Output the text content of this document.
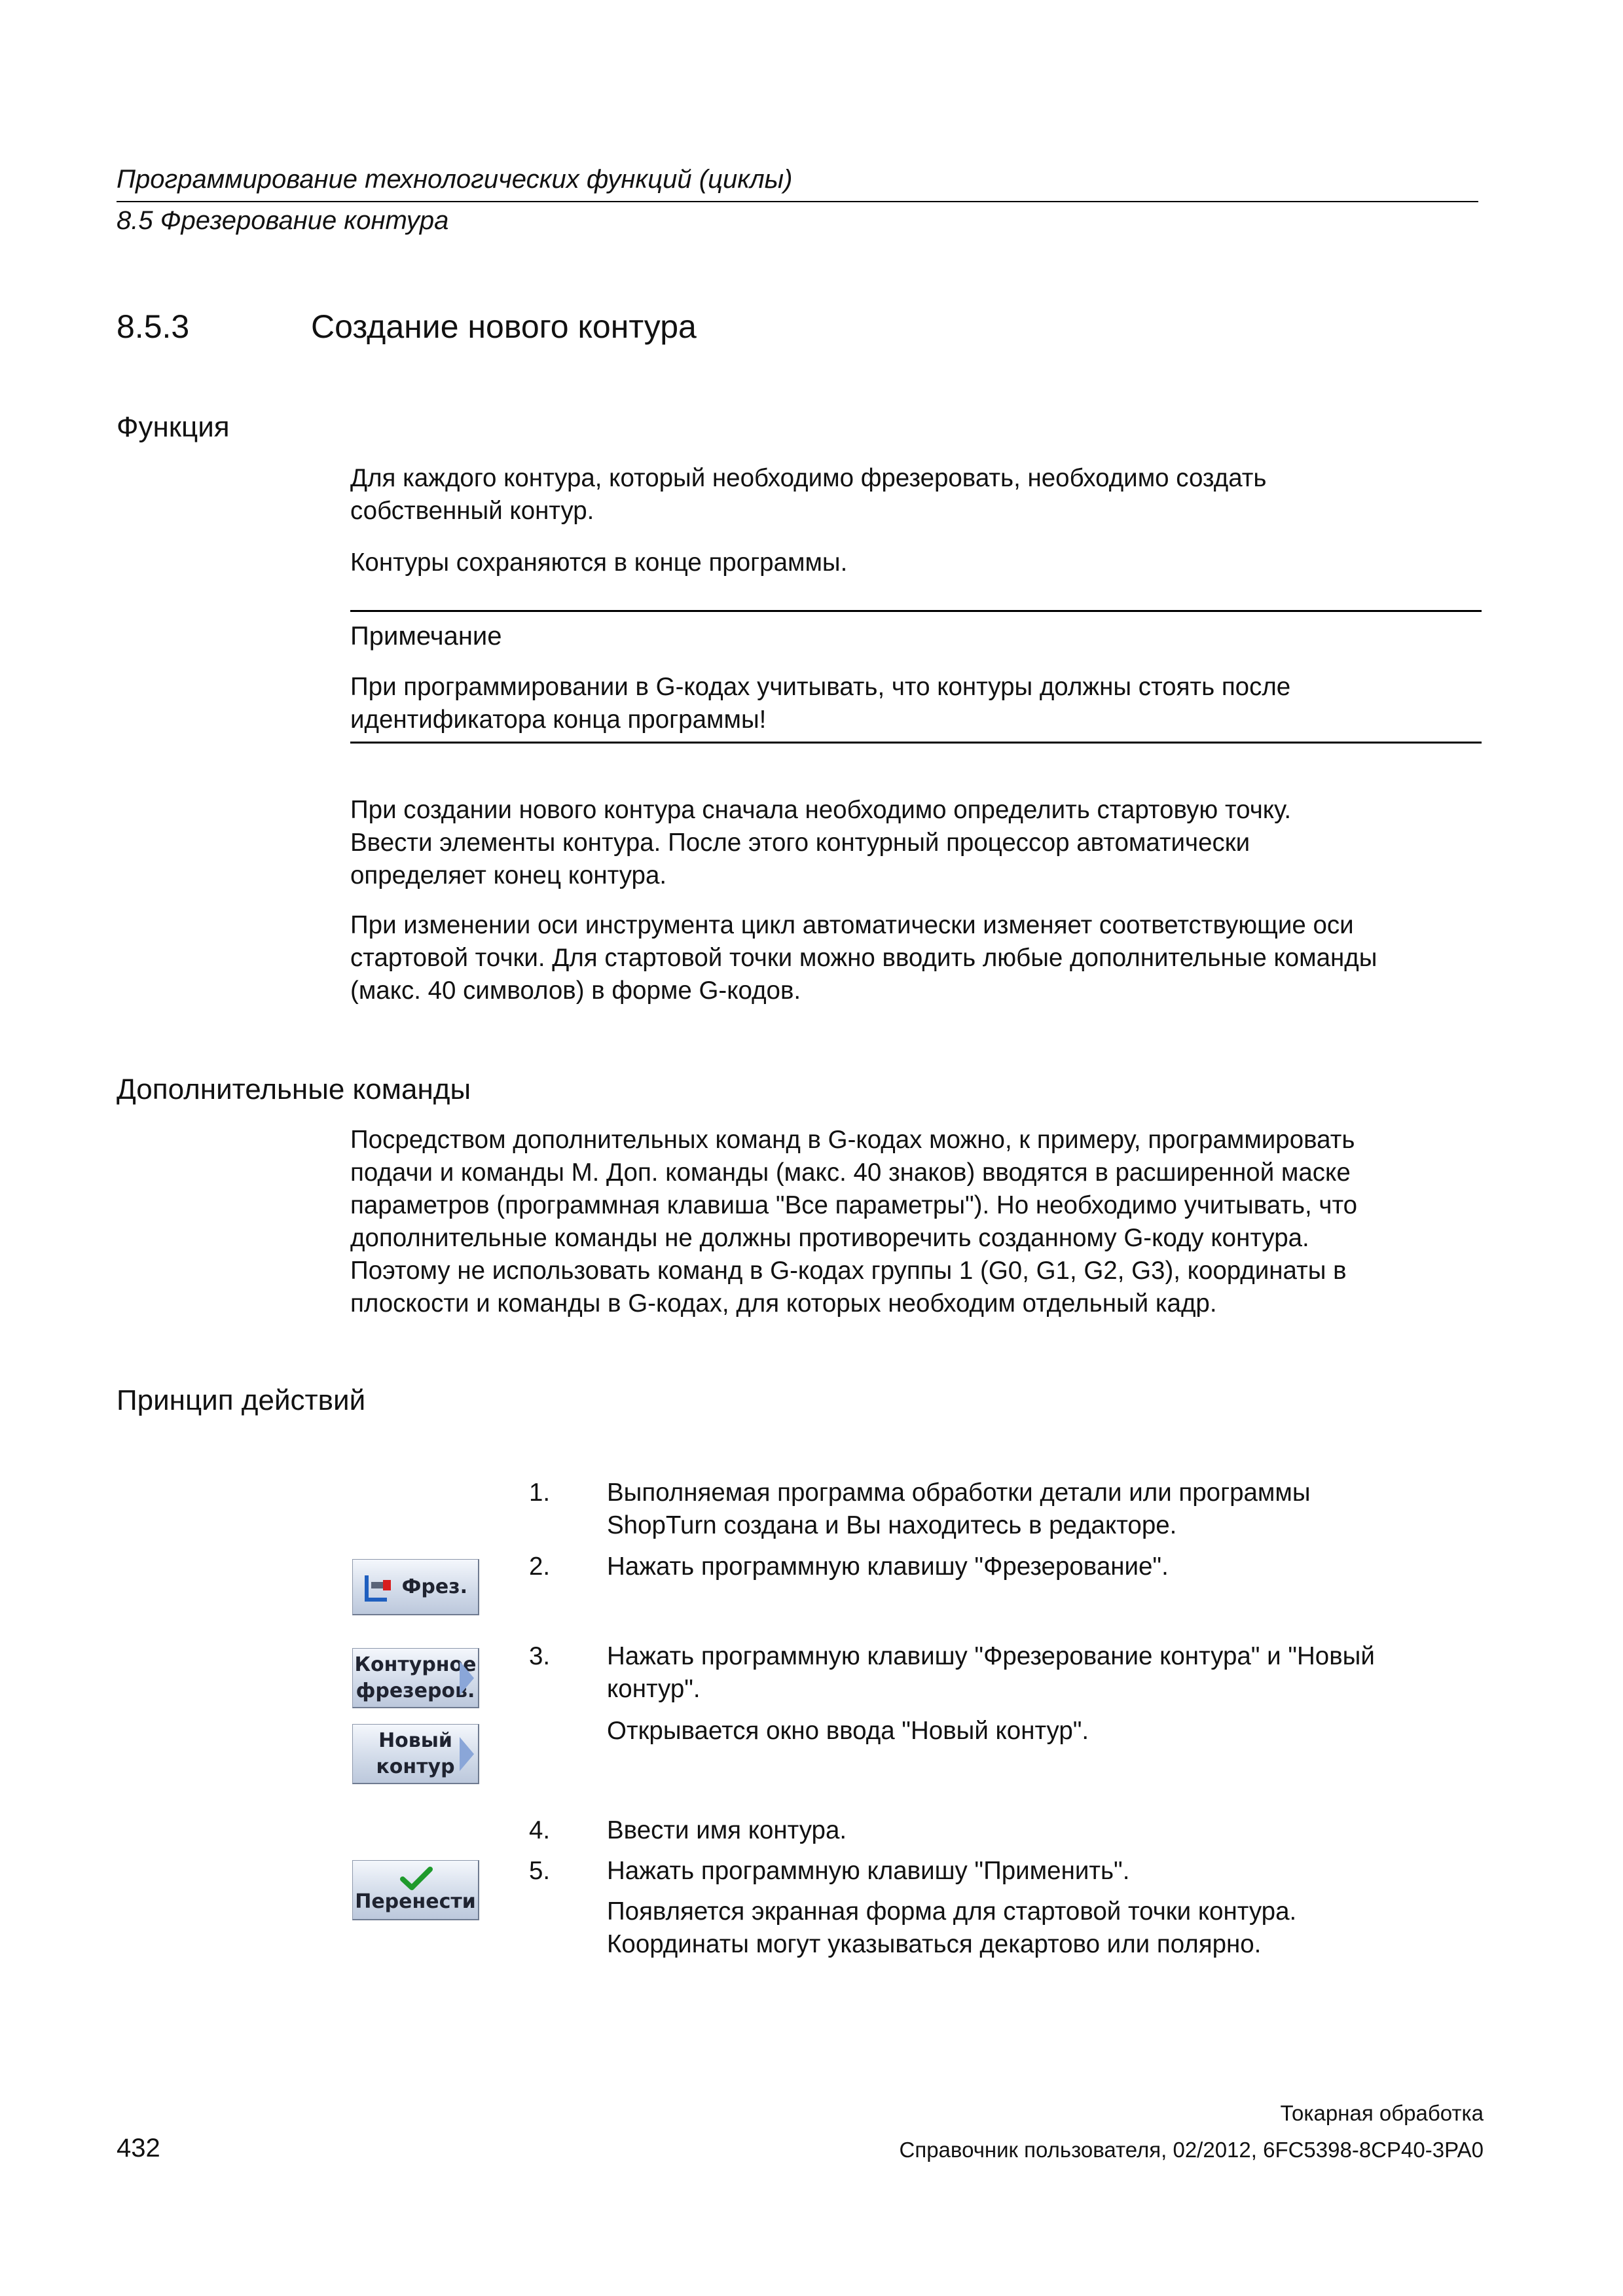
Программирование технологических функций (циклы)
8.5 Фрезерование контура
8.5.3	Создание нового контура
Функция
Для каждого контура, который необходимо фрезеровать, необходимо создать
собственный контур.
Контуры сохраняются в конце программы.
Примечание
При программировании в G-кодах учитывать, что контуры должны стоять после
идентификатора конца программы!
При создании нового контура сначала необходимо определить стартовую точку.
Ввести элементы контура. После этого контурный процессор автоматически
определяет конец контура.
При изменении оси инструмента цикл автоматически изменяет соответствующие оси
стартовой точки. Для стартовой точки можно вводить любые дополнительные команды
(макс. 40 символов) в форме G-кодов.
Дополнительные команды
Посредством дополнительных команд в G-кодах можно, к примеру, программировать
подачи и команды М. Доп. команды (макс. 40 знаков) вводятся в расширенной маске
параметров (программная клавиша "Все параметры"). Но необходимо учитывать, что
дополнительные команды не должны противоречить созданному G-коду контура.
Поэтому не использовать команд в G-кодах группы 1 (G0, G1, G2, G3), координаты в
плоскости и команды в G-кодах, для которых необходим отдельный кадр.
Принцип действий
1. Выполняемая программа обработки детали или программы
ShopTurn создана и Вы находитесь в редакторе.
2. Нажать программную клавишу "Фрезерование".
3. Нажать программную клавишу "Фрезерование контура" и "Новый
контур".
Открывается окно ввода "Новый контур".
4. Ввести имя контура.
5. Нажать программную клавишу "Применить".
Появляется экранная форма для стартовой точки контура.
Координаты могут указываться декартово или полярно.
Фрез.
Контурное
фрезеров.
Новый
контур
Перенести
Токарная обработка
Справочник пользователя, 02/2012, 6FC5398-8CP40-3PA0
432
